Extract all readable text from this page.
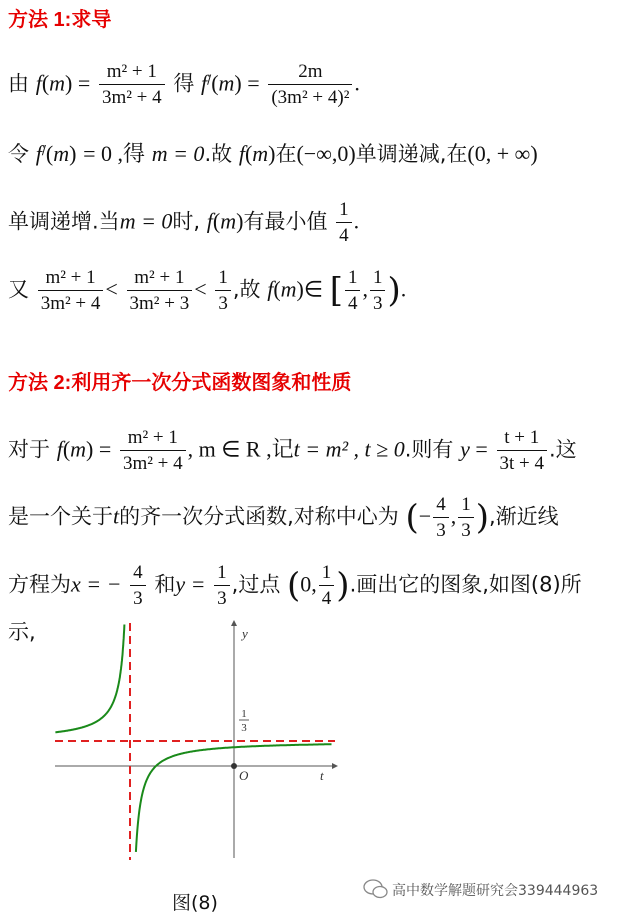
方法 1:求导
由 $f(m) = \frac{\text{m² + 1}}{\text{3m² + 4}}$ 得 $f^/(m) = \frac{2m}{\text{(3m² + 4)²}}$ .
令 f/(m) = 0 ,得 m = 0.故 f(m)在(−∞,0)单调递减,在(0, + ∞)
单调递增.当m = 0时, f(m)有最小值 $\frac{1}{4}$ .
又 $\frac{\text{m² + 1}}{\text{3m² + 4}} < \frac{\text{m² + 1}}{\text{3m² + 3}} < \frac{1}{3}$ ,故 f(m)∈ [ $\frac{1}{4}$ , $\frac{1}{3}$ ).
方法 2:利用齐一次分式函数图象和性质
对于 $f(m) = \frac{\text{m² + 1}}{\text{3m² + 4}}$ , m ∈ R ,记t = m² , t ≥ 0.则有 $y = \frac{t + 1}{3t + 4}$ .这
是一个关于t的齐一次分式函数,对称中心为 (− $\frac{4}{3}$ , $\frac{1}{3}$ ),渐近线
方程为x = − $\frac{4}{3}$ 和$y = \frac{1}{3}$ ,过点 (0, $\frac{1}{4}$ ).画出它的图象,如图(8)所
示,	y
t
O
1
3
图(8)
高中数学解题研究会339444963
